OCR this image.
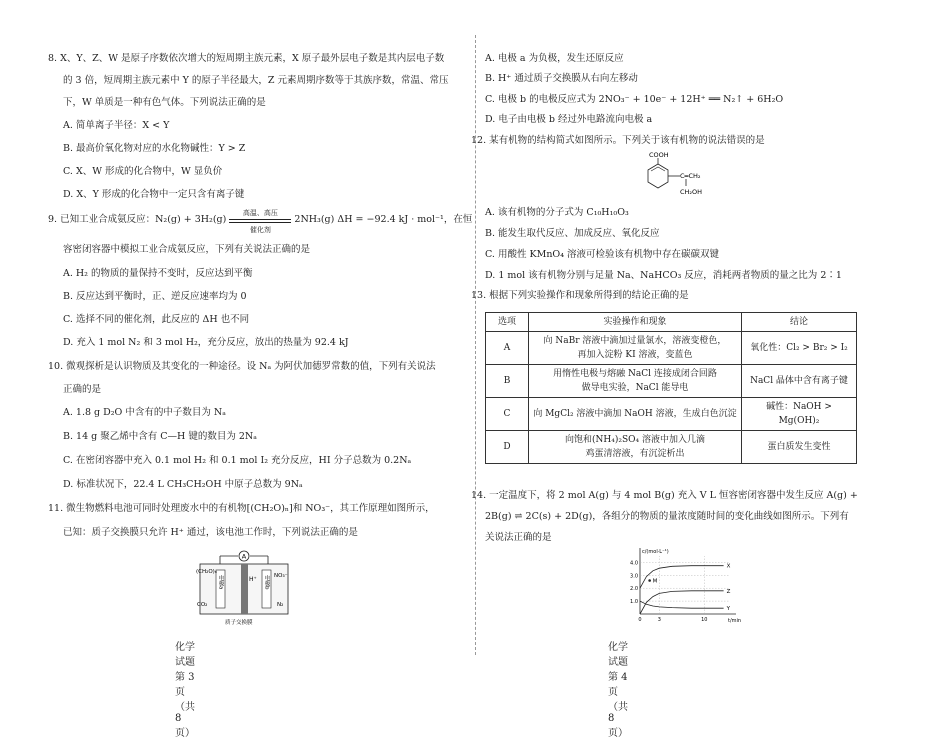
8. X、Y、Z、W 是原子序数依次增大的短周期主族元素，X 原子最外层电子数是其内层电子数
的 3 倍，短周期主族元素中 Y 的原子半径最大，Z 元素周期序数等于其族序数，常温、常压
下，W 单质是一种有色气体。下列说法正确的是
A. 简单离子半径：X < Y
B. 最高价氧化物对应的水化物碱性：Y > Z
C. X、W 形成的化合物中，W 显负价
D. X、Y 形成的化合物中一定只含有离子键
9. 已知工业合成氨反应：N₂(g) + 3H₂(g)
高温、高压
催化剂
2NH₃(g) ΔH = −92.4 kJ · mol⁻¹，在恒
容密闭容器中模拟工业合成氨反应，下列有关说法正确的是
A. H₂ 的物质的量保持不变时，反应达到平衡
B. 反应达到平衡时，正、逆反应速率均为 0
C. 选择不同的催化剂，此反应的 ΔH 也不同
D. 充入 1 mol N₂ 和 3 mol H₂，充分反应，放出的热量为 92.4 kJ
10. 微观探析是认识物质及其变化的一种途径。设 Nₐ 为阿伏加德罗常数的值，下列有关说法
正确的是
A. 1.8 g D₂O 中含有的中子数目为 Nₐ
B. 14 g 聚乙烯中含有 C—H 键的数目为 2Nₐ
C. 在密闭容器中充入 0.1 mol H₂ 和 0.1 mol I₂ 充分反应，HI 分子总数为 0.2Nₐ
D. 标准状况下，22.4 L CH₃CH₂OH 中原子总数为 9Nₐ
11. 微生物燃料电池可同时处理废水中的有机物[(CH₂O)ₙ]和 NO₃⁻，其工作原理如图所示，
已知：质子交换膜只允许 H⁺ 通过，该电池工作时，下列说法正确的是
A
电极a	电极b
H⁺
(CH₂O)ₙ
CO₂
NO₃⁻
N₂
质子交换膜
化学试题 第 3 页（共 8 页）
A. 电极 a 为负极，发生还原反应
B. H⁺ 通过质子交换膜从右向左移动
C. 电极 b 的电极反应式为 2NO₃⁻ + 10e⁻ + 12H⁺ ══ N₂↑ + 6H₂O
D. 电子由电极 b 经过外电路流向电极 a
12. 某有机物的结构简式如图所示。下列关于该有机物的说法错误的是
COOH
C═CH₂
CH₂OH
A. 该有机物的分子式为 C₁₀H₁₀O₃
B. 能发生取代反应、加成反应、氧化反应
C. 用酸性 KMnO₄ 溶液可检验该有机物中存在碳碳双键
D. 1 mol 该有机物分别与足量 Na、NaHCO₃ 反应，消耗两者物质的量之比为 2∶1
13. 根据下列实验操作和现象所得到的结论正确的是
选项	实验操作和现象	结论
A	向 NaBr 溶液中滴加过量氯水，溶液变橙色，
再加入淀粉 KI 溶液，变蓝色	氧化性：Cl₂ > Br₂ > I₂
B	用惰性电极与熔融 NaCl 连接成闭合回路
做导电实验，NaCl 能导电	NaCl 晶体中含有离子键
C	向 MgCl₂ 溶液中滴加 NaOH 溶液，生成白色沉淀	碱性：NaOH > Mg(OH)₂
D	向饱和(NH₄)₂SO₄ 溶液中加入几滴
鸡蛋清溶液，有沉淀析出	蛋白质发生变性
14. 一定温度下，将 2 mol A(g) 与 4 mol B(g) 充入 V L 恒容密闭容器中发生反应 A(g) +
2B(g) ⇌ 2C(s) + 2D(g)，各组分的物质的量浓度随时间的变化曲线如图所示。下列有
关说法正确的是
c/(mol·L⁻¹)
t/min
4.0
3.0
2.0
1.0
0	3	10
X
Y
Z
M
化学试题 第 4 页（共 8 页）
